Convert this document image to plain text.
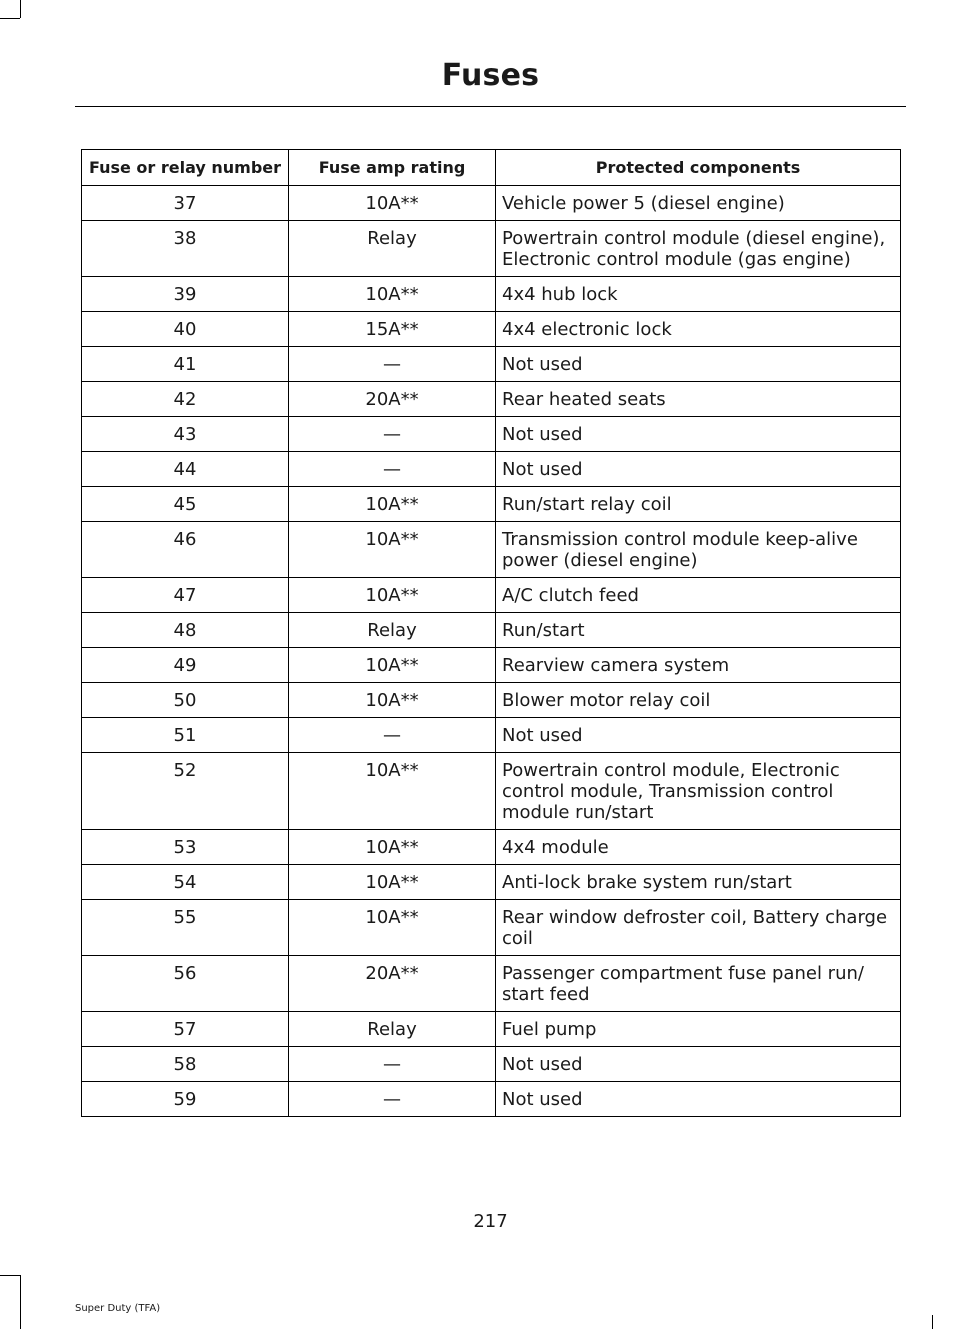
Fuses
Fuse or relay number	Fuse amp rating	Protected components
37	10A**	Vehicle power 5 (diesel engine)
38	Relay	Powertrain control module (diesel engine), Electronic control module (gas engine)
39	10A**	4x4 hub lock
40	15A**	4x4 electronic lock
41	—	Not used
42	20A**	Rear heated seats
43	—	Not used
44	—	Not used
45	10A**	Run/start relay coil
46	10A**	Transmission control module keep-alive power (diesel engine)
47	10A**	A/C clutch feed
48	Relay	Run/start
49	10A**	Rearview camera system
50	10A**	Blower motor relay coil
51	—	Not used
52	10A**	Powertrain control module, Electronic control module, Transmission control module run/start
53	10A**	4x4 module
54	10A**	Anti-lock brake system run/start
55	10A**	Rear window defroster coil, Battery charge coil
56	20A**	Passenger compartment fuse panel run/ start feed
57	Relay	Fuel pump
58	—	Not used
59	—	Not used
217
Super Duty (TFA)
